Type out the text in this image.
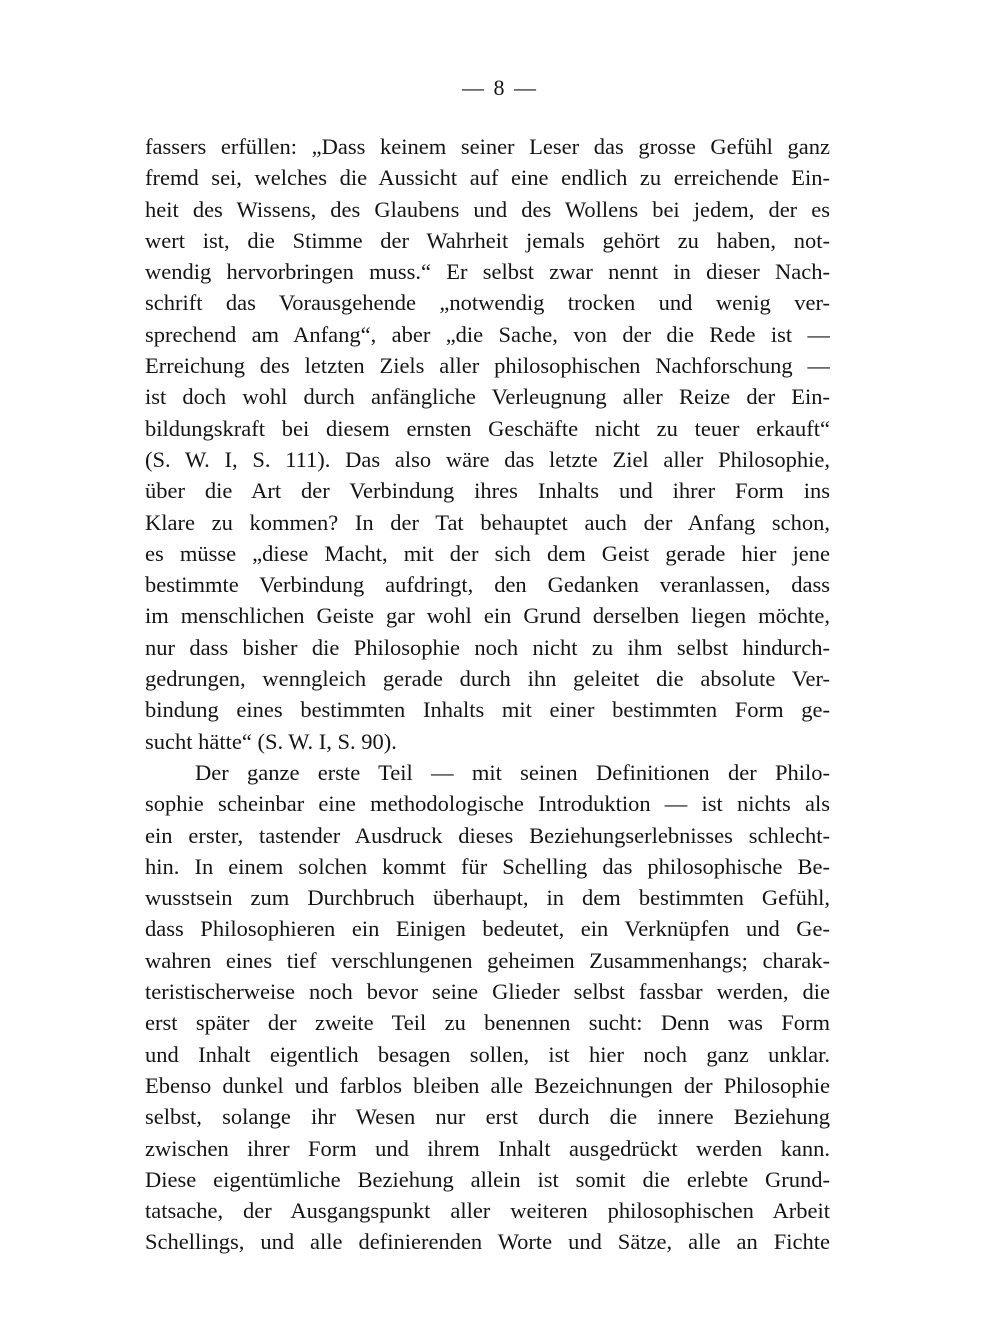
— 8 —
fassers erfüllen: „Dass keinem seiner Leser das grosse Gefühl ganz
fremd sei, welches die Aussicht auf eine endlich zu erreichende Ein-
heit des Wissens, des Glaubens und des Wollens bei jedem, der es
wert ist, die Stimme der Wahrheit jemals gehört zu haben, not-
wendig hervorbringen muss.“ Er selbst zwar nennt in dieser Nach-
schrift das Vorausgehende „notwendig trocken und wenig ver-
sprechend am Anfang“, aber „die Sache, von der die Rede ist —
Erreichung des letzten Ziels aller philosophischen Nachforschung —
ist doch wohl durch anfängliche Verleugnung aller Reize der Ein-
bildungskraft bei diesem ernsten Geschäfte nicht zu teuer erkauft“
(S. W. I, S. 111). Das also wäre das letzte Ziel aller Philosophie,
über die Art der Verbindung ihres Inhalts und ihrer Form ins
Klare zu kommen? In der Tat behauptet auch der Anfang schon,
es müsse „diese Macht, mit der sich dem Geist gerade hier jene
bestimmte Verbindung aufdringt, den Gedanken veranlassen, dass
im menschlichen Geiste gar wohl ein Grund derselben liegen möchte,
nur dass bisher die Philosophie noch nicht zu ihm selbst hindurch-
gedrungen, wenngleich gerade durch ihn geleitet die absolute Ver-
bindung eines bestimmten Inhalts mit einer bestimmten Form ge-
sucht hätte“ (S. W. I, S. 90).
Der ganze erste Teil — mit seinen Definitionen der Philo-
sophie scheinbar eine methodologische Introduktion — ist nichts als
ein erster, tastender Ausdruck dieses Beziehungserlebnisses schlecht-
hin. In einem solchen kommt für Schelling das philosophische Be-
wusstsein zum Durchbruch überhaupt, in dem bestimmten Gefühl,
dass Philosophieren ein Einigen bedeutet, ein Verknüpfen und Ge-
wahren eines tief verschlungenen geheimen Zusammenhangs; charak-
teristischerweise noch bevor seine Glieder selbst fassbar werden, die
erst später der zweite Teil zu benennen sucht: Denn was Form
und Inhalt eigentlich besagen sollen, ist hier noch ganz unklar.
Ebenso dunkel und farblos bleiben alle Bezeichnungen der Philosophie
selbst, solange ihr Wesen nur erst durch die innere Beziehung
zwischen ihrer Form und ihrem Inhalt ausgedrückt werden kann.
Diese eigentümliche Beziehung allein ist somit die erlebte Grund-
tatsache, der Ausgangspunkt aller weiteren philosophischen Arbeit
Schellings, und alle definierenden Worte und Sätze, alle an Fichte
